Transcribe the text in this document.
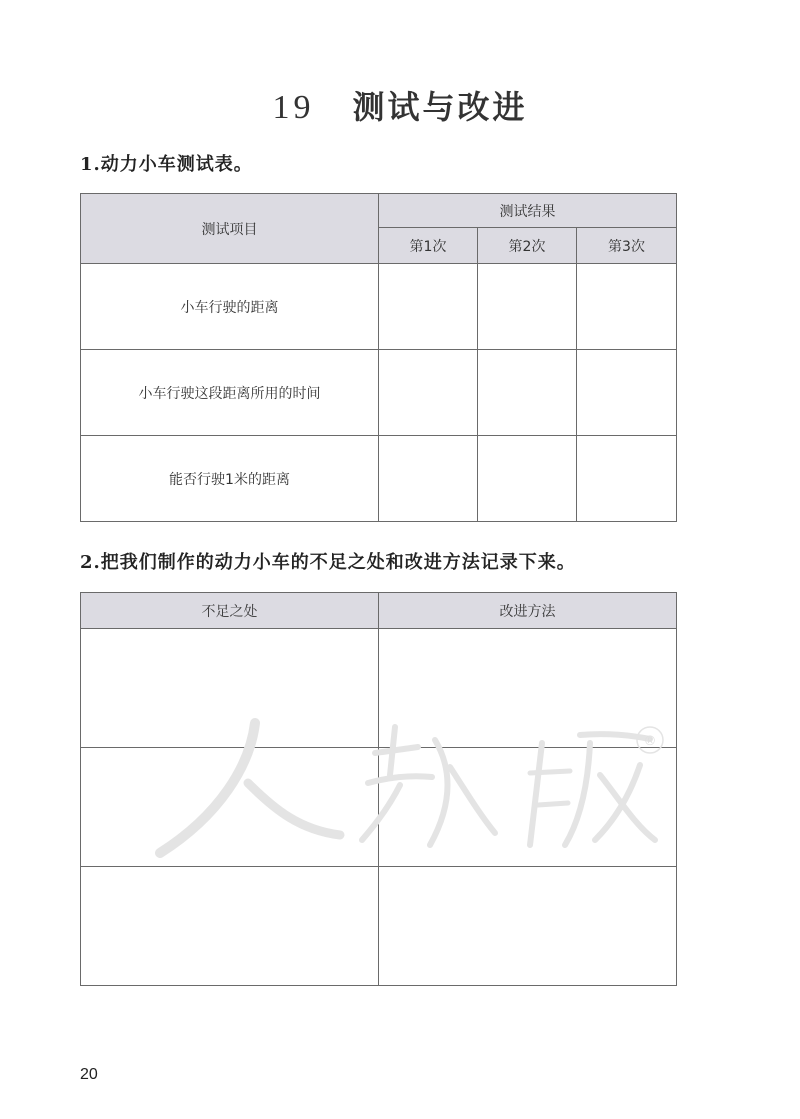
19 测试与改进
1.动力小车测试表。
测试项目	测试结果		
	第1次	第2次	第3次
小车行驶的距离			
小车行驶这段距离所用的时间			
能否行驶1米的距离			
2.把我们制作的动力小车的不足之处和改进方法记录下来。
不足之处	改进方法

®
20
